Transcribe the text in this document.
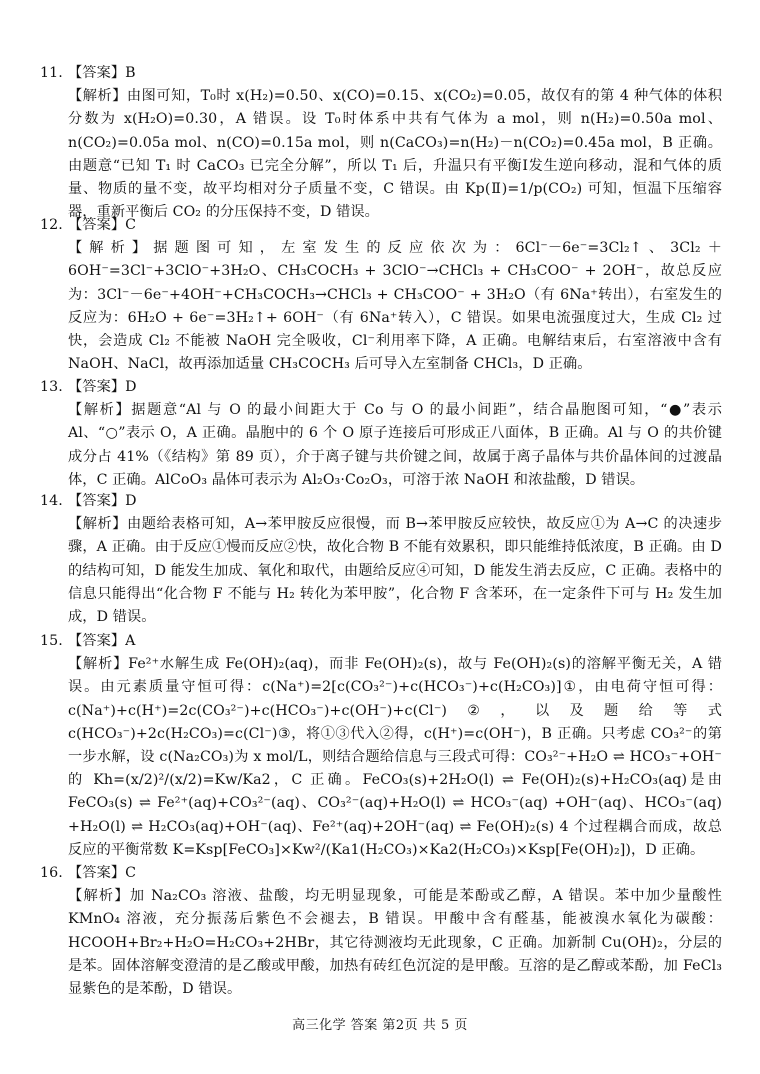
11. 【答案】B
【解析】由图可知，T₀时 x(H₂)=0.50、x(CO)=0.15、x(CO₂)=0.05，故仅有的第 4 种气体的体积分数为 x(H₂O)=0.30，A 错误。设 T₀时体系中共有气体为 a mol，则 n(H₂)=0.50a mol、n(CO₂)=0.05a mol、n(CO)=0.15a mol，则 n(CaCO₃)=n(H₂)－n(CO₂)=0.45a mol，B 正确。由题意“已知 T₁ 时 CaCO₃ 已完全分解”，所以 T₁ 后，升温只有平衡Ⅰ发生逆向移动，混和气体的质量、物质的量不变，故平均相对分子质量不变，C 错误。由 Kp(Ⅱ)=1/p(CO₂) 可知，恒温下压缩容器，重新平衡后 CO₂ 的分压保持不变，D 错误。
12. 【答案】C
【解析】据题图可知，左室发生的反应依次为：6Cl⁻－6e⁻=3Cl₂↑、3Cl₂＋6OH⁻=3Cl⁻+3ClO⁻+3H₂O、CH₃COCH₃ + 3ClO⁻→CHCl₃ + CH₃COO⁻ + 2OH⁻，故总反应为：3Cl⁻－6e⁻+4OH⁻+CH₃COCH₃→CHCl₃ + CH₃COO⁻ + 3H₂O（有 6Na⁺转出），右室发生的反应为：6H₂O + 6e⁻=3H₂↑+ 6OH⁻（有 6Na⁺转入），C 错误。如果电流强度过大，生成 Cl₂ 过快，会造成 Cl₂ 不能被 NaOH 完全吸收，Cl⁻利用率下降，A 正确。电解结束后，右室溶液中含有 NaOH、NaCl，故再添加适量 CH₃COCH₃ 后可导入左室制备 CHCl₃，D 正确。
13. 【答案】D
【解析】据题意“Al 与 O 的最小间距大于 Co 与 O 的最小间距”，结合晶胞图可知，“●”表示 Al、“○”表示 O，A 正确。晶胞中的 6 个 O 原子连接后可形成正八面体，B 正确。Al 与 O 的共价键成分占 41%（《结构》第 89 页），介于离子键与共价键之间，故属于离子晶体与共价晶体间的过渡晶体，C 正确。AlCoO₃ 晶体可表示为 Al₂O₃·Co₂O₃，可溶于浓 NaOH 和浓盐酸，D 错误。
14. 【答案】D
【解析】由题给表格可知，A→苯甲胺反应很慢，而 B→苯甲胺反应较快，故反应①为 A→C 的决速步骤，A 正确。由于反应①慢而反应②快，故化合物 B 不能有效累积，即只能维持低浓度，B 正确。由 D 的结构可知，D 能发生加成、氧化和取代，由题给反应④可知，D 能发生消去反应，C 正确。表格中的信息只能得出“化合物 F 不能与 H₂ 转化为苯甲胺”，化合物 F 含苯环，在一定条件下可与 H₂ 发生加成，D 错误。
15. 【答案】A
【解析】Fe²⁺水解生成 Fe(OH)₂(aq)，而非 Fe(OH)₂(s)，故与 Fe(OH)₂(s)的溶解平衡无关，A 错误。由元素质量守恒可得：c(Na⁺)=2[c(CO₃²⁻)+c(HCO₃⁻)+c(H₂CO₃)]①，由电荷守恒可得：c(Na⁺)+c(H⁺)=2c(CO₃²⁻)+c(HCO₃⁻)+c(OH⁻)+c(Cl⁻)②，以及题给等式 c(HCO₃⁻)+2c(H₂CO₃)=c(Cl⁻)③，将①③代入②得，c(H⁺)=c(OH⁻)，B 正确。只考虑 CO₃²⁻的第一步水解，设 c(Na₂CO₃)为 x mol/L，则结合题给信息与三段式可得：CO₃²⁻+H₂O ⇌ HCO₃⁻+OH⁻的 Kh=(x/2)²/(x/2)=Kw/Ka2，C 正确。FeCO₃(s)+2H₂O(l) ⇌ Fe(OH)₂(s)+H₂CO₃(aq)是由 FeCO₃(s) ⇌ Fe²⁺(aq)+CO₃²⁻(aq)、CO₃²⁻(aq)+H₂O(l) ⇌ HCO₃⁻(aq) +OH⁻(aq)、HCO₃⁻(aq) +H₂O(l) ⇌ H₂CO₃(aq)+OH⁻(aq)、Fe²⁺(aq)+2OH⁻(aq) ⇌ Fe(OH)₂(s) 4 个过程耦合而成，故总反应的平衡常数 K=Ksp[FeCO₃]×Kw²/(Ka1(H₂CO₃)×Ka2(H₂CO₃)×Ksp[Fe(OH)₂])，D 正确。
16. 【答案】C
【解析】加 Na₂CO₃ 溶液、盐酸，均无明显现象，可能是苯酚或乙醇，A 错误。苯中加少量酸性 KMnO₄ 溶液，充分振荡后紫色不会褪去，B 错误。甲酸中含有醛基，能被溴水氧化为碳酸：HCOOH+Br₂+H₂O=H₂CO₃+2HBr，其它待测液均无此现象，C 正确。加新制 Cu(OH)₂，分层的是苯。固体溶解变澄清的是乙酸或甲酸，加热有砖红色沉淀的是甲酸。互溶的是乙醇或苯酚，加 FeCl₃ 显紫色的是苯酚，D 错误。
高三化学 答案 第2页 共 5 页
